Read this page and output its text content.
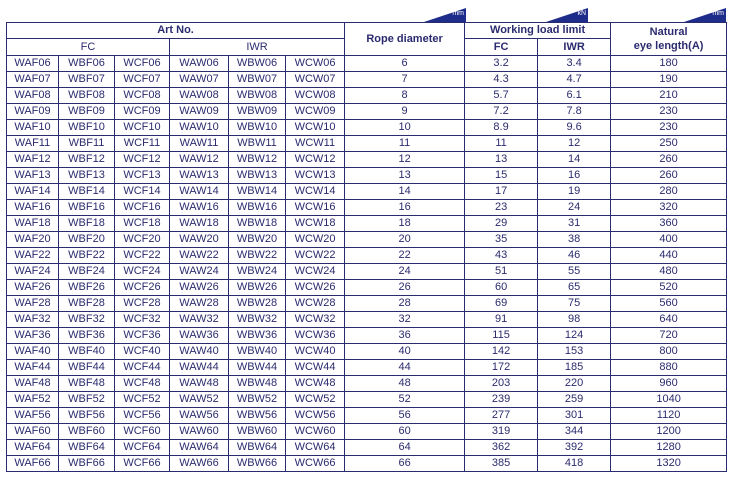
mm	kN	mm
Art No.						Rope diameter	Working load limit		Natural
eye length(A)

FC			IWR				FC	IWR	
WAF06	WBF06	WCF06	WAW06	WBW06	WCW06	6	3.2	3.4	180
WAF07	WBF07	WCF07	WAW07	WBW07	WCW07	7	4.3	4.7	190
WAF08	WBF08	WCF08	WAW08	WBW08	WCW08	8	5.7	6.1	210
WAF09	WBF09	WCF09	WAW09	WBW09	WCW09	9	7.2	7.8	230
WAF10	WBF10	WCF10	WAW10	WBW10	WCW10	10	8.9	9.6	230
WAF11	WBF11	WCF11	WAW11	WBW11	WCW11	11	11	12	250
WAF12	WBF12	WCF12	WAW12	WBW12	WCW12	12	13	14	260
WAF13	WBF13	WCF13	WAW13	WBW13	WCW13	13	15	16	260
WAF14	WBF14	WCF14	WAW14	WBW14	WCW14	14	17	19	280
WAF16	WBF16	WCF16	WAW16	WBW16	WCW16	16	23	24	320
WAF18	WBF18	WCF18	WAW18	WBW18	WCW18	18	29	31	360
WAF20	WBF20	WCF20	WAW20	WBW20	WCW20	20	35	38	400
WAF22	WBF22	WCF22	WAW22	WBW22	WCW22	22	43	46	440
WAF24	WBF24	WCF24	WAW24	WBW24	WCW24	24	51	55	480
WAF26	WBF26	WCF26	WAW26	WBW26	WCW26	26	60	65	520
WAF28	WBF28	WCF28	WAW28	WBW28	WCW28	28	69	75	560
WAF32	WBF32	WCF32	WAW32	WBW32	WCW32	32	91	98	640
WAF36	WBF36	WCF36	WAW36	WBW36	WCW36	36	115	124	720
WAF40	WBF40	WCF40	WAW40	WBW40	WCW40	40	142	153	800
WAF44	WBF44	WCF44	WAW44	WBW44	WCW44	44	172	185	880
WAF48	WBF48	WCF48	WAW48	WBW48	WCW48	48	203	220	960
WAF52	WBF52	WCF52	WAW52	WBW52	WCW52	52	239	259	1040
WAF56	WBF56	WCF56	WAW56	WBW56	WCW56	56	277	301	1120
WAF60	WBF60	WCF60	WAW60	WBW60	WCW60	60	319	344	1200
WAF64	WBF64	WCF64	WAW64	WBW64	WCW64	64	362	392	1280
WAF66	WBF66	WCF66	WAW66	WBW66	WCW66	66	385	418	1320
